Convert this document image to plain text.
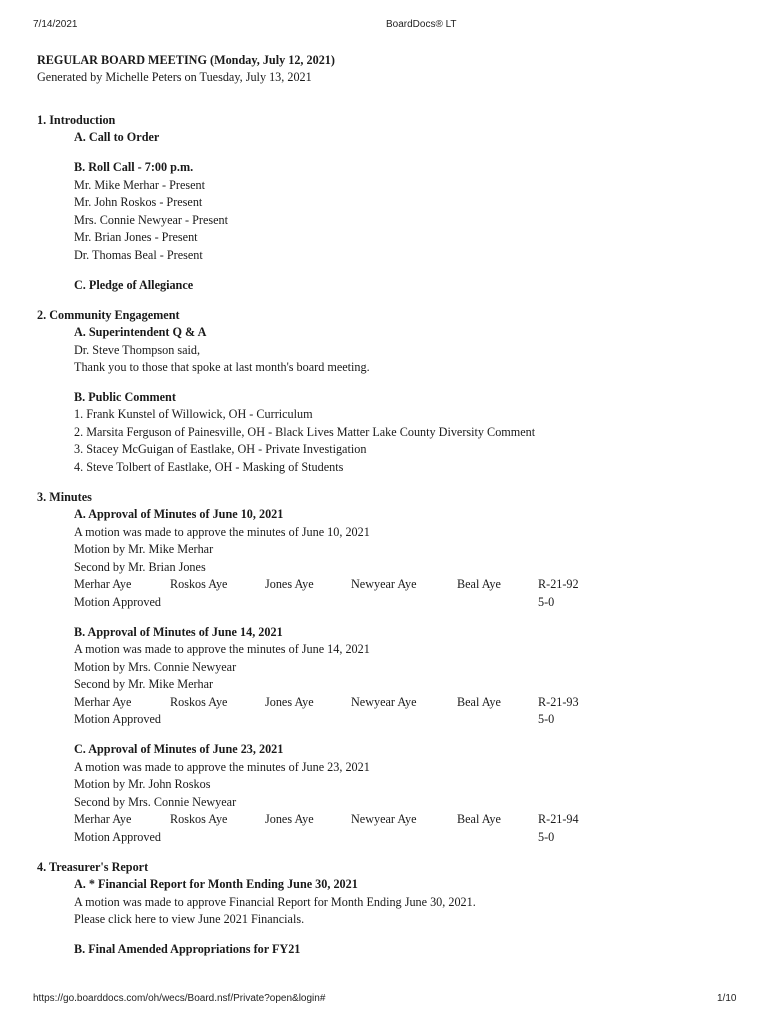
7/14/2021	BoardDocs® LT
https://go.boarddocs.com/oh/wecs/Board.nsf/Private?open&login#	1/10
REGULAR BOARD MEETING (Monday, July 12, 2021)
Generated by Michelle Peters on Tuesday, July 13, 2021
1. Introduction
A. Call to Order
B. Roll Call - 7:00 p.m.
Mr. Mike Merhar - Present
Mr. John Roskos - Present
Mrs. Connie Newyear - Present
Mr. Brian Jones - Present
Dr. Thomas Beal - Present
C. Pledge of Allegiance
2. Community Engagement
A. Superintendent Q & A
Dr. Steve Thompson said,
Thank you to those that spoke at last month's board meeting.
B. Public Comment
1. Frank Kunstel of Willowick, OH - Curriculum
2. Marsita Ferguson of Painesville, OH - Black Lives Matter Lake County Diversity Comment
3. Stacey McGuigan of Eastlake, OH - Private Investigation
4. Steve Tolbert of Eastlake, OH - Masking of Students
3. Minutes
A. Approval of Minutes of June 10, 2021
A motion was made to approve the minutes of June 10, 2021
Motion by Mr. Mike Merhar
Second by Mr. Brian Jones
Merhar Aye	Roskos Aye	Jones Aye	Newyear Aye	Beal Aye	R-21-92
Motion Approved	5-0
B. Approval of Minutes of June 14, 2021
A motion was made to approve the minutes of June 14, 2021
Motion by Mrs. Connie Newyear
Second by Mr. Mike Merhar
Merhar Aye	Roskos Aye	Jones Aye	Newyear Aye	Beal Aye	R-21-93
Motion Approved	5-0
C. Approval of Minutes of June 23, 2021
A motion was made to approve the minutes of June 23, 2021
Motion by Mr. John Roskos
Second by Mrs. Connie Newyear
Merhar Aye	Roskos Aye	Jones Aye	Newyear Aye	Beal Aye	R-21-94
Motion Approved	5-0
4. Treasurer's Report
A. * Financial Report for Month Ending June 30, 2021
A motion was made to approve Financial Report for Month Ending June 30, 2021.
Please click here to view June 2021 Financials.
B. Final Amended Appropriations for FY21
